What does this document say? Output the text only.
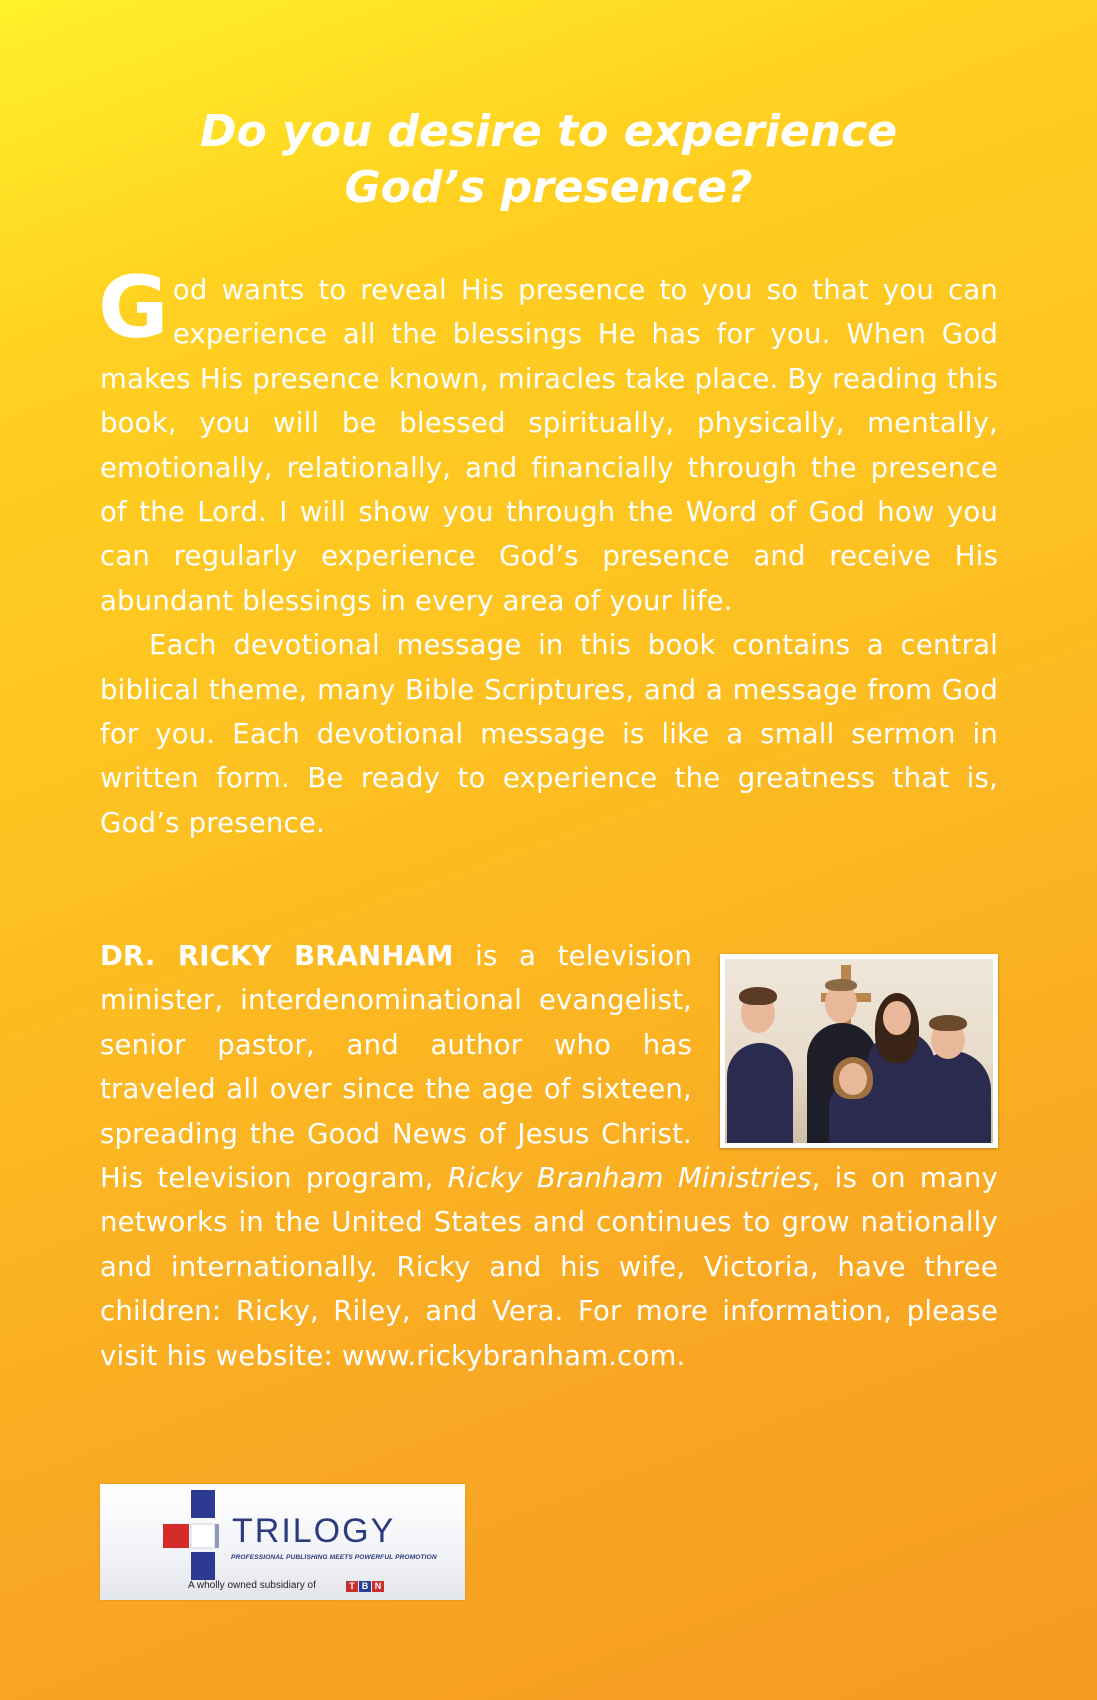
Do you desire to experience
God’s presence?

God wants to reveal His presence to you so that you can experience all the blessings He has for you. When God makes His presence known, miracles take place. By reading this book, you will be blessed spiritually, physically, mentally, emotionally, relationally, and financially through the presence of the Lord. I will show you through the Word of God how you can regularly experience God’s presence and receive His abundant blessings in every area of your life.

Each devotional message in this book contains a central biblical theme, many Bible Scriptures, and a message from God for you. Each devotional message is like a small sermon in written form. Be ready to experience the greatness that is, God’s presence.

DR. RICKY BRANHAM is a television minister, interdenominational evangelist, senior pastor, and author who has traveled all over since the age of sixteen, spreading the Good News of Jesus Christ. His television program, Ricky Branham Ministries, is on many networks in the United States and continues to grow nationally and internationally. Ricky and his wife, Victoria, have three children: Ricky, Riley, and Vera. For more information, please visit his website: www.rickybranham.com.

TRILOGY

PROFESSIONAL PUBLISHING MEETS POWERFUL PROMOTION

A wholly owned subsidiary of	T B N
